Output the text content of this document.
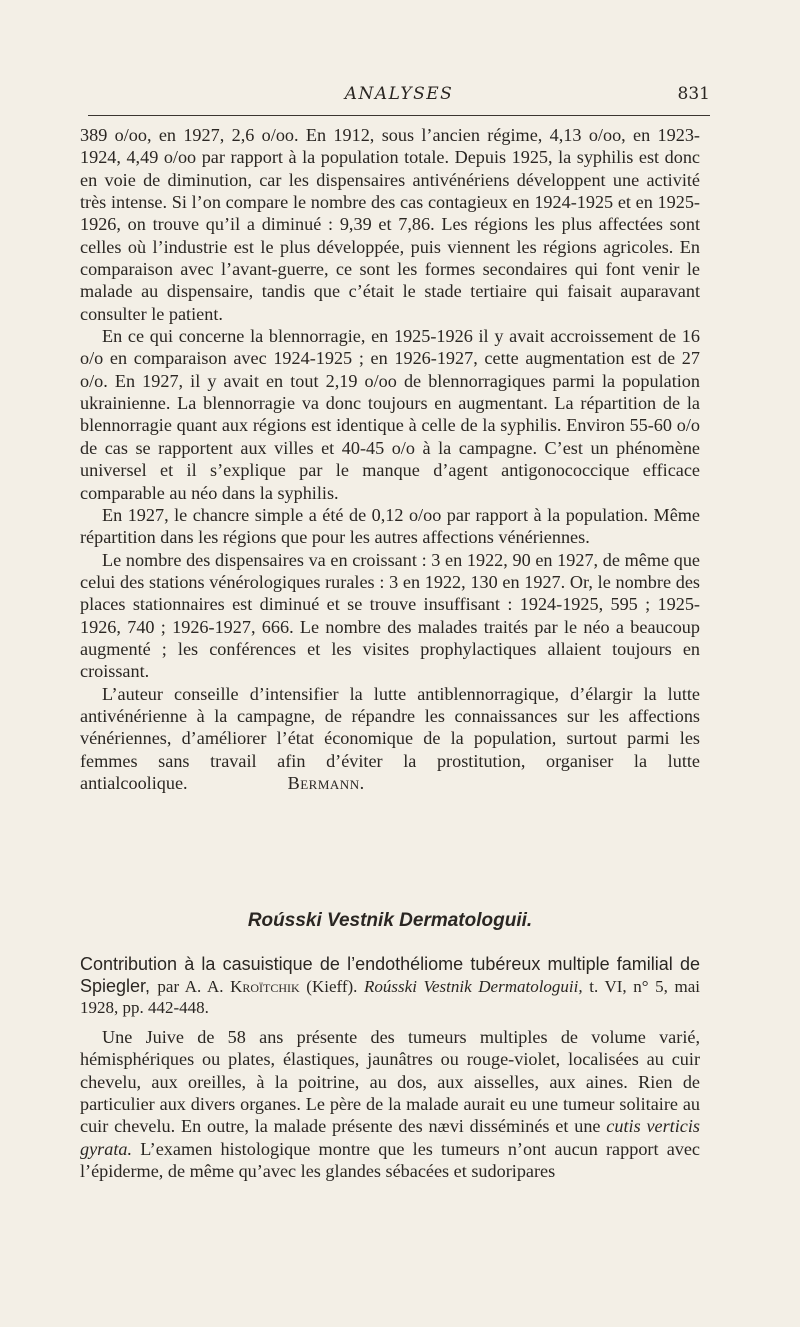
ANALYSES	831

389 o/oo, en 1927, 2,6 o/oo. En 1912, sous l’ancien régime, 4,13 o/oo, en 1923-1924, 4,49 o/oo par rapport à la population totale. Depuis 1925, la syphilis est donc en voie de diminution, car les dispensaires antivénériens développent une activité très intense. Si l’on compare le nombre des cas contagieux en 1924-1925 et en 1925-1926, on trouve qu’il a diminué : 9,39 et 7,86. Les régions les plus affectées sont celles où l’industrie est le plus développée, puis viennent les régions agricoles. En comparaison avec l’avant-guerre, ce sont les formes secondaires qui font venir le malade au dispensaire, tandis que c’était le stade tertiaire qui faisait auparavant consulter le patient.

En ce qui concerne la blennorragie, en 1925-1926 il y avait accroissement de 16 o/o en comparaison avec 1924-1925 ; en 1926-1927, cette augmentation est de 27 o/o. En 1927, il y avait en tout 2,19 o/oo de blennorragiques parmi la population ukrainienne. La blennorragie va donc toujours en augmentant. La répartition de la blennorragie quant aux régions est identique à celle de la syphilis. Environ 55-60 o/o de cas se rapportent aux villes et 40-45 o/o à la campagne. C’est un phénomène universel et il s’explique par le manque d’agent antigonococcique efficace comparable au néo dans la syphilis.

En 1927, le chancre simple a été de 0,12 o/oo par rapport à la population. Même répartition dans les régions que pour les autres affections vénériennes.

Le nombre des dispensaires va en croissant : 3 en 1922, 90 en 1927, de même que celui des stations vénérologiques rurales : 3 en 1922, 130 en 1927. Or, le nombre des places stationnaires est diminué et se trouve insuffisant : 1924-1925, 595 ; 1925-1926, 740 ; 1926-1927, 666. Le nombre des malades traités par le néo a beaucoup augmenté ; les conférences et les visites prophylactiques allaient toujours en croissant.

L’auteur conseille d’intensifier la lutte antiblennorragique, d’élargir la lutte antivénérienne à la campagne, de répandre les connaissances sur les affections vénériennes, d’améliorer l’état économique de la population, surtout parmi les femmes sans travail afin d’éviter la prostitution, organiser la lutte antialcoolique.      	Bermann.

Roússki Vestnik Dermatologuii.

Contribution à la casuistique de l’endothéliome tubéreux multiple familial de Spiegler, par A. A. Kroïtchik (Kieff). Roússki Vestnik Dermatologuii, t. VI, n° 5, mai 1928, pp. 442-448.

Une Juive de 58 ans présente des tumeurs multiples de volume varié, hémisphériques ou plates, élastiques, jaunâtres ou rouge-violet, localisées au cuir chevelu, aux oreilles, à la poitrine, au dos, aux aisselles, aux aines. Rien de particulier aux divers organes. Le père de la malade aurait eu une tumeur solitaire au cuir chevelu. En outre, la malade présente des nævi disséminés et une cutis verticis gyrata. L’examen histologique montre que les tumeurs n’ont aucun rapport avec l’épiderme, de même qu’avec les glandes sébacées et sudoripares
